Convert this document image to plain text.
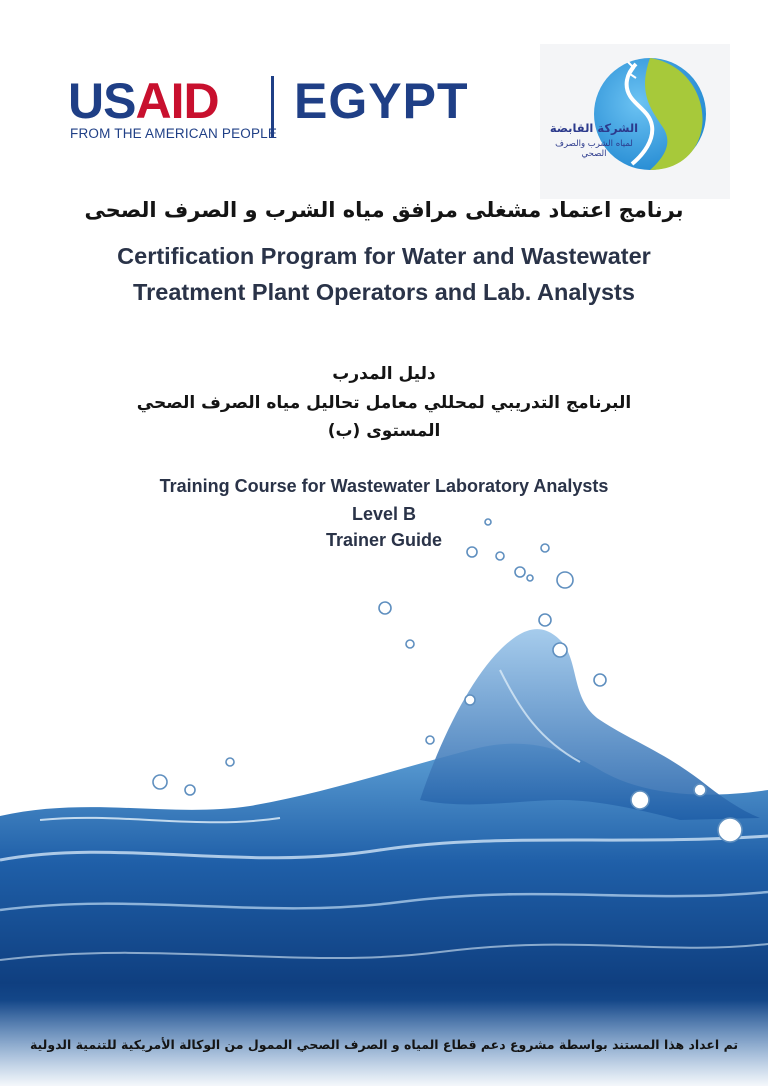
USAID EGYPT
FROM THE AMERICAN PEOPLE	الشركة القابضة
لمياه الشرب والصرف الصحي
برنامج اعتماد مشغلى مرافق مياه الشرب و الصرف الصحى
Certification Program for Water and Wastewater
Treatment Plant Operators and Lab. Analysts
دليل المدرب
البرنامج التدريبي لمحللي معامل تحاليل مياه الصرف الصحي
المستوى (ب)
Training Course for Wastewater Laboratory Analysts
Level B
Trainer Guide
تم اعداد هذا المستند بواسطة مشروع دعم قطاع المياه و الصرف الصحي الممول من الوكالة الأمريكية للتنمية الدولية
